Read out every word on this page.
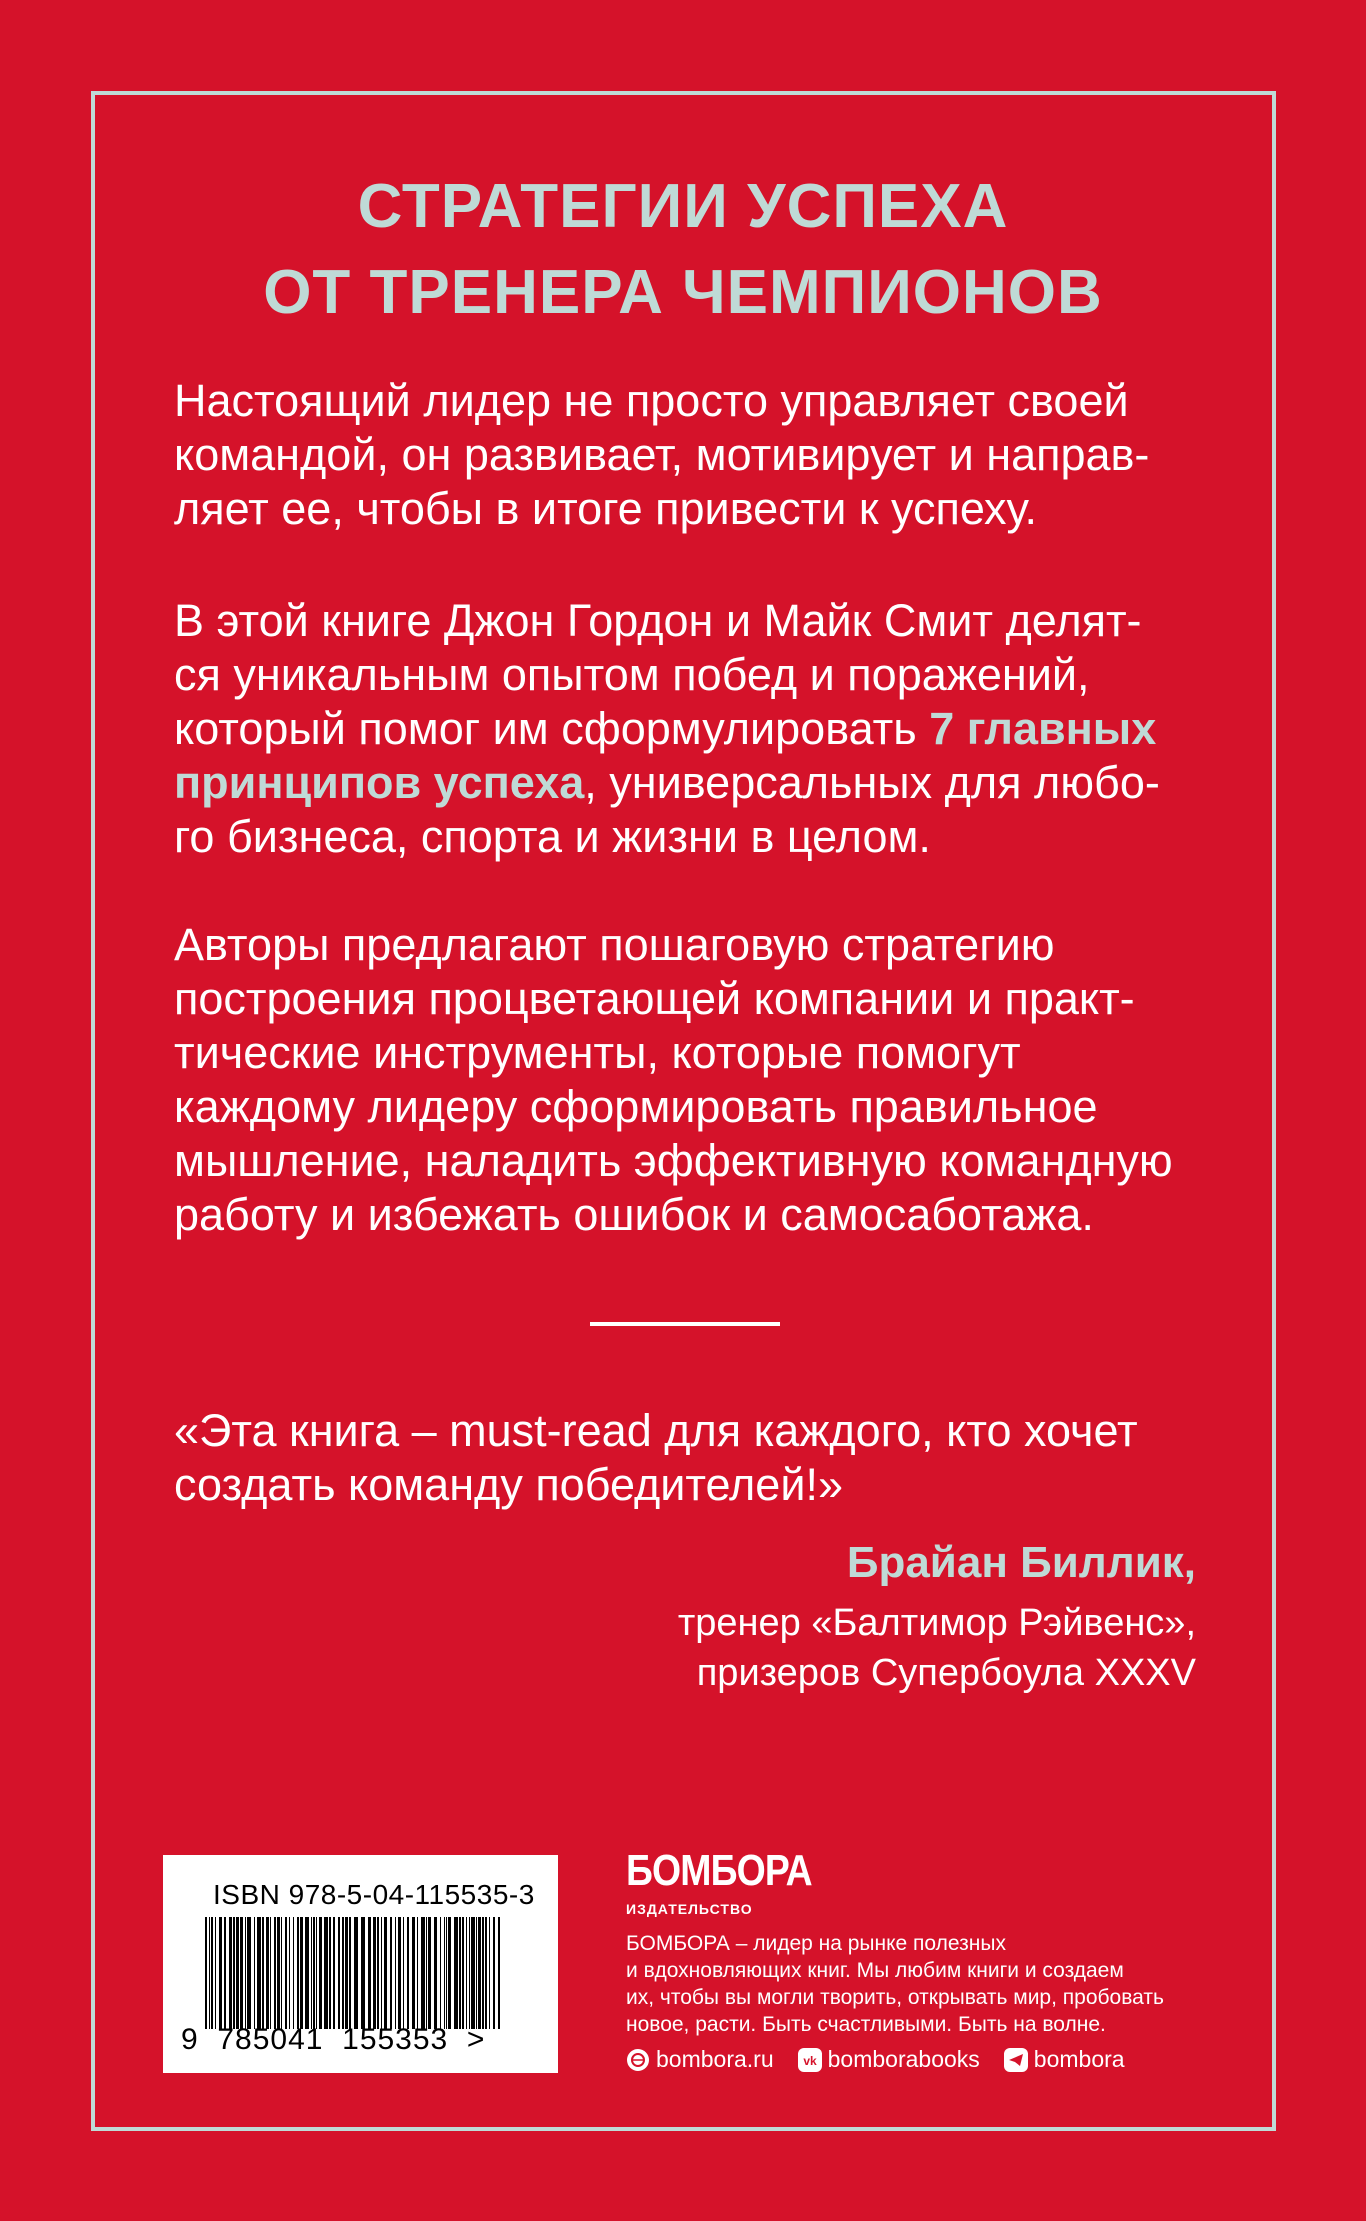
СТРАТЕГИИ УСПЕХА
ОТ ТРЕНЕРА ЧЕМПИОНОВ
Настоящий лидер не просто управляет своей
командой, он развивает, мотивирует и направ-
ляет ее, чтобы в итоге привести к успеху.
В этой книге Джон Гордон и Майк Смит делят-
ся уникальным опытом побед и поражений,
который помог им сформулировать 7 главных
принципов успеха, универсальных для любо-
го бизнеса, спорта и жизни в целом.
Авторы предлагают пошаговую стратегию
построения процветающей компании и практ-
тические инструменты, которые помогут
каждому лидеру сформировать правильное
мышление, наладить эффективную командную
работу и избежать ошибок и самосаботажа.
«Эта книга – must-read для каждого, кто хочет
создать команду победителей!»
Брайан Биллик,
тренер «Балтимор Рэйвенс»,
призеров Супербоула XXXV
ISBN 978-5-04-115535-3
9  785041  155353  >
БОМБОРА
ИЗДАТЕЛЬСТВО
БОМБОРА – лидер на рынке полезных
и вдохновляющих книг. Мы любим книги и создаем
их, чтобы вы могли творить, открывать мир, пробовать
новое, расти. Быть счастливыми. Быть на волне.
bombora.ru vk bomborabooks bombora
